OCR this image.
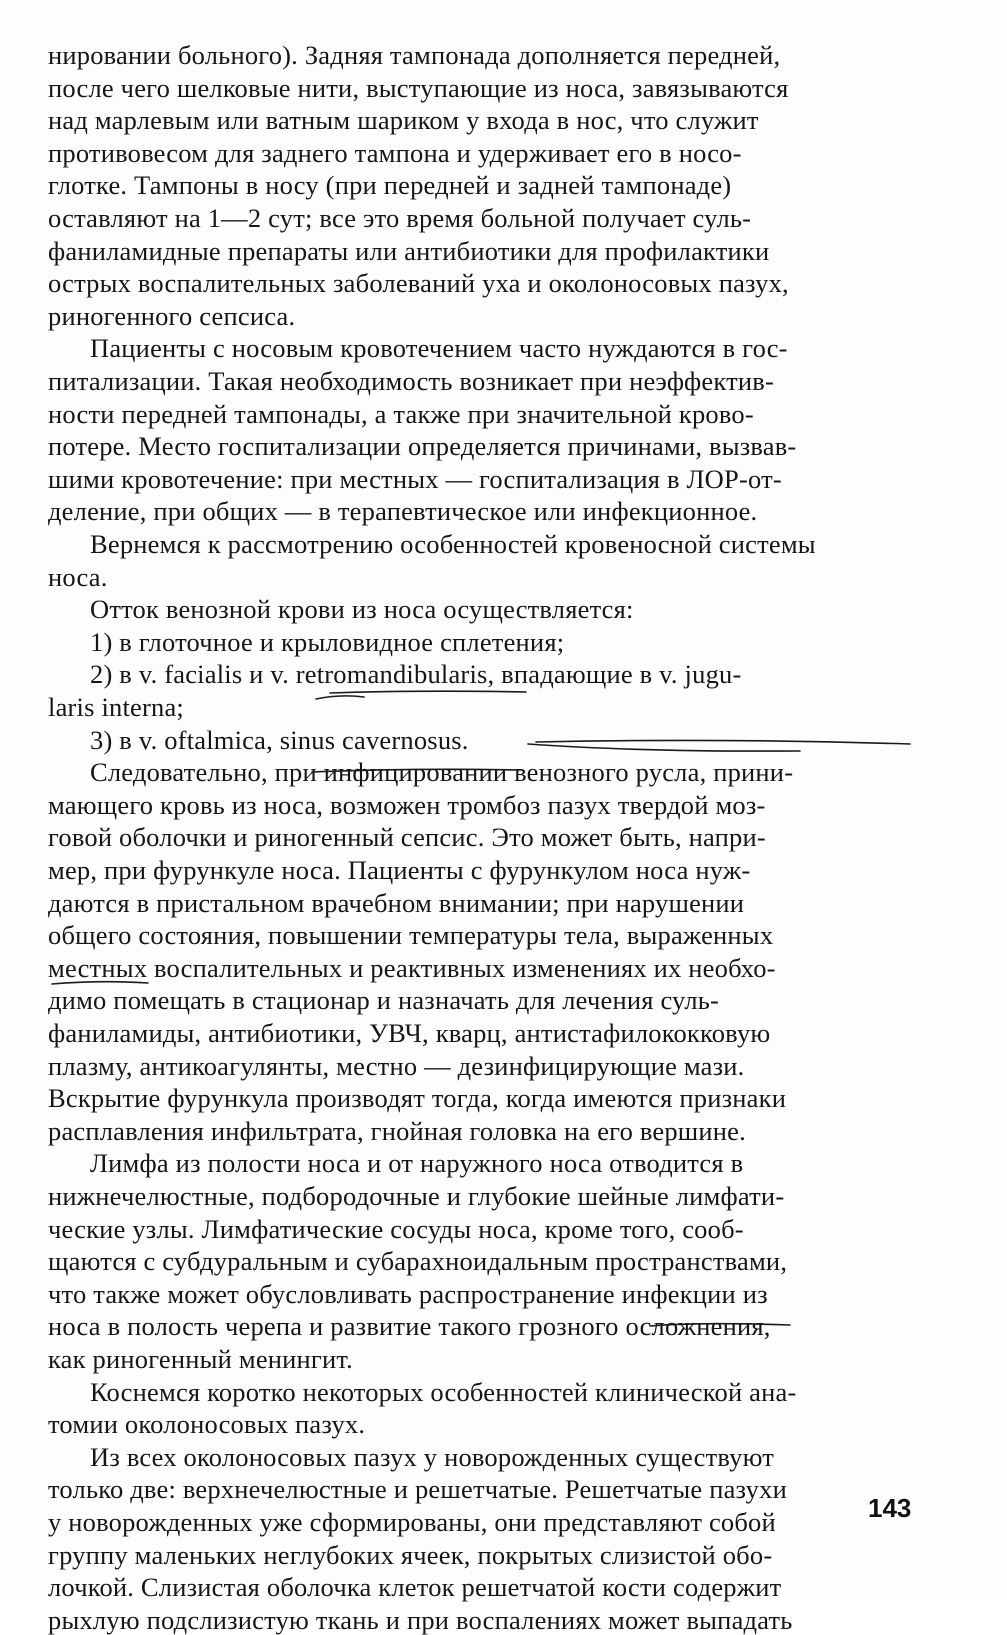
нировании больного). Задняя тампонада дополняется передней,
после чего шелковые нити, выступающие из носа, завязываются
над марлевым или ватным шариком у входа в нос, что служит
противовесом для заднего тампона и удерживает его в носо-
глотке. Тампоны в носу (при передней и задней тампонаде)
оставляют на 1—2 сут; все это время больной получает суль-
фаниламидные препараты или антибиотики для профилактики
острых воспалительных заболеваний уха и околоносовых пазух,
риногенного сепсиса.
Пациенты с носовым кровотечением часто нуждаются в гос-
питализации. Такая необходимость возникает при неэффектив-
ности передней тампонады, а также при значительной крово-
потере. Место госпитализации определяется причинами, вызвав-
шими кровотечение: при местных — госпитализация в ЛОР-от-
деление, при общих — в терапевтическое или инфекционное.
Вернемся к рассмотрению особенностей кровеносной системы
носа.
Отток венозной крови из носа осуществляется:
1) в глоточное и крыловидное сплетения;
2) в v. facialis и v. retromandibularis, впадающие в v. jugu-
laris interna;
3) в v. oftalmica, sinus cavernosus.
Следовательно, при инфицировании венозного русла, прини-
мающего кровь из носа, возможен тромбоз пазух твердой моз-
говой оболочки и риногенный сепсис. Это может быть, напри-
мер, при фурункуле носа. Пациенты с фурункулом носа нуж-
даются в пристальном врачебном внимании; при нарушении
общего состояния, повышении температуры тела, выраженных
местных воспалительных и реактивных изменениях их необхо-
димо помещать в стационар и назначать для лечения суль-
фаниламиды, антибиотики, УВЧ, кварц, антистафилококковую
плазму, антикоагулянты, местно — дезинфицирующие мази.
Вскрытие фурункула производят тогда, когда имеются признаки
расплавления инфильтрата, гнойная головка на его вершине.
Лимфа из полости носа и от наружного носа отводится в
нижнечелюстные, подбородочные и глубокие шейные лимфати-
ческие узлы. Лимфатические сосуды носа, кроме того, сооб-
щаются с субдуральным и субарахноидальным пространствами,
что также может обусловливать распространение инфекции из
носа в полость черепа и развитие такого грозного осложнения,
как риногенный менингит.
Коснемся коротко некоторых особенностей клинической ана-
томии околоносовых пазух.
Из всех околоносовых пазух у новорожденных существуют
только две: верхнечелюстные и решетчатые. Решетчатые пазухи
у новорожденных уже сформированы, они представляют собой
группу маленьких неглубоких ячеек, покрытых слизистой обо-
лочкой. Слизистая оболочка клеток решетчатой кости содержит
рыхлую подслизистую ткань и при воспалениях может выпадать
143
